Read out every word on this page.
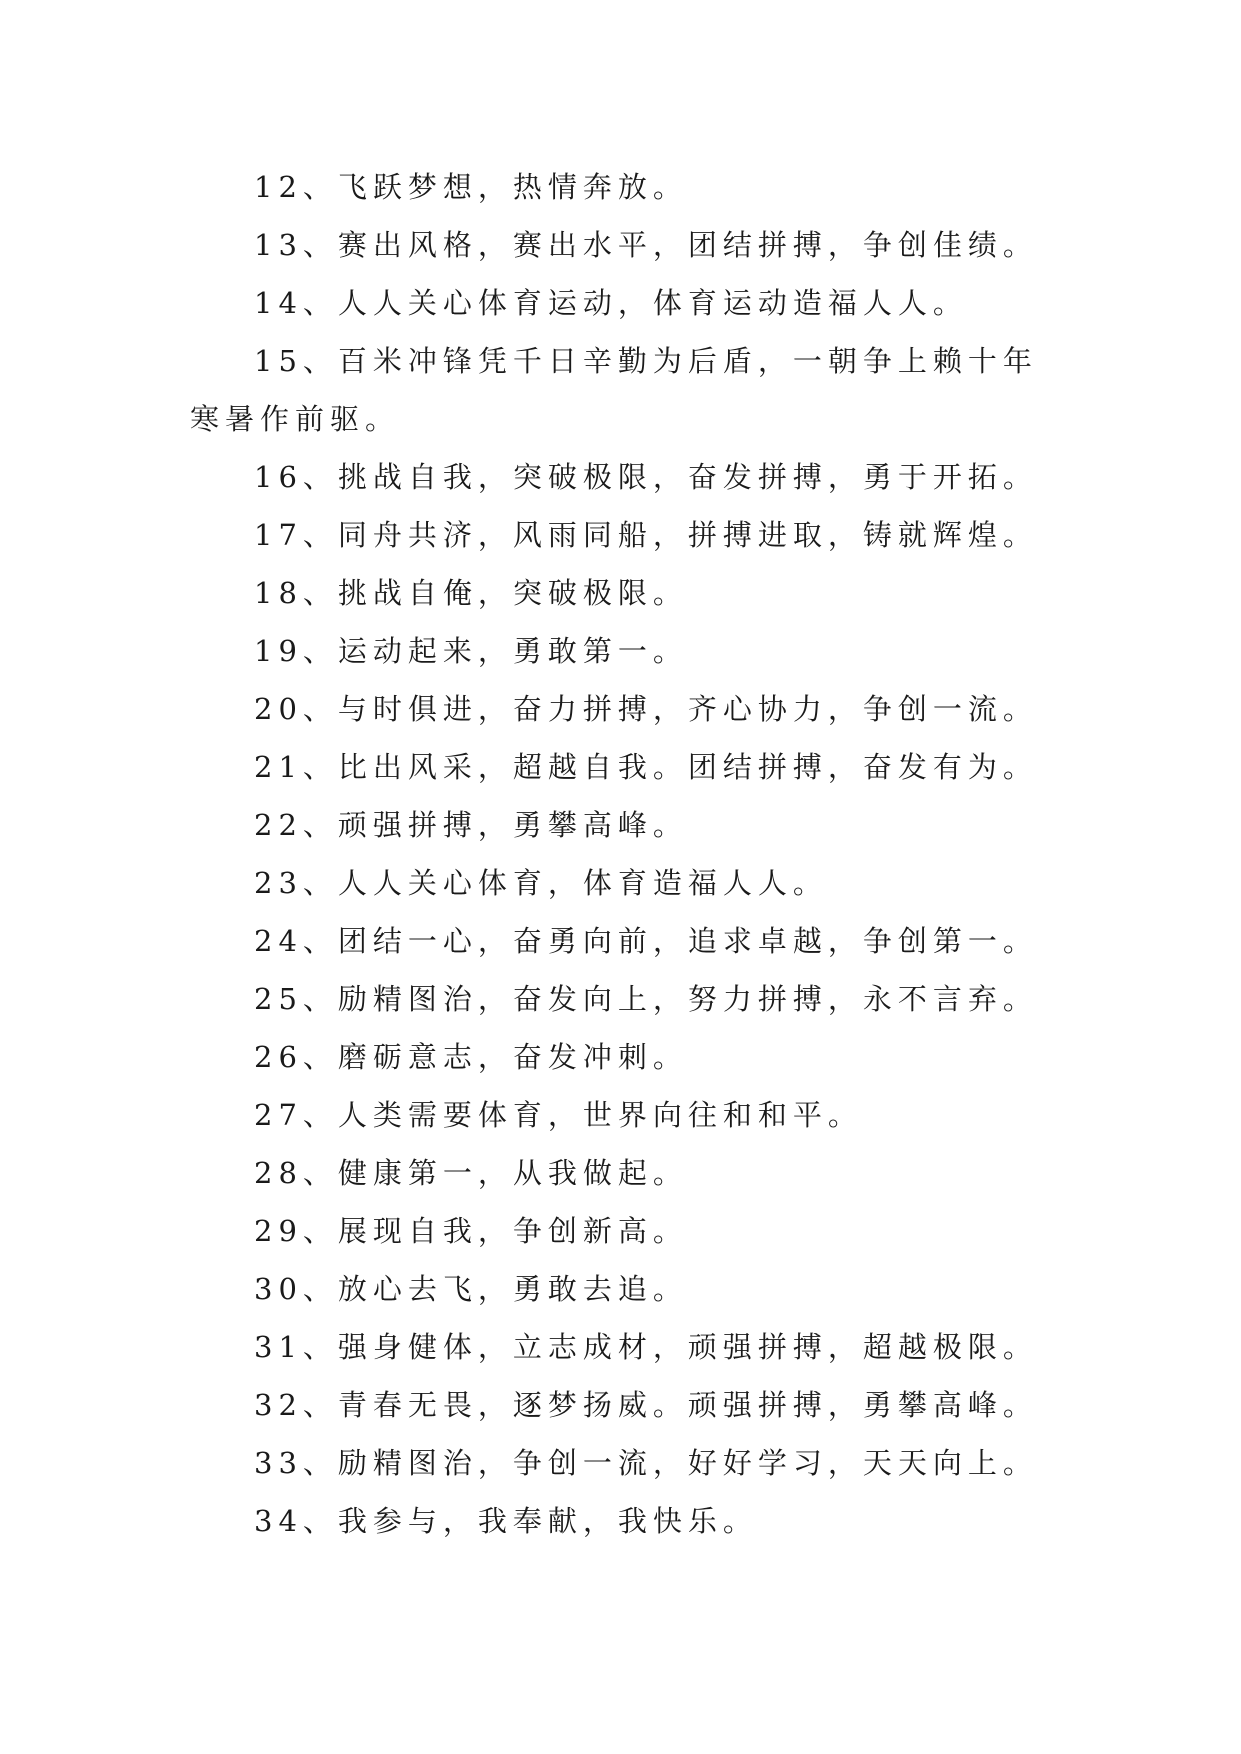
12、飞跃梦想，热情奔放。

13、赛出风格，赛出水平，团结拼搏，争创佳绩。

14、人人关心体育运动，体育运动造福人人。

15、百米冲锋凭千日辛勤为后盾，一朝争上赖十年寒暑作前驱。

16、挑战自我，突破极限，奋发拼搏，勇于开拓。

17、同舟共济，风雨同船，拼搏进取，铸就辉煌。

18、挑战自俺，突破极限。

19、运动起来，勇敢第一。

20、与时俱进，奋力拼搏，齐心协力，争创一流。

21、比出风采，超越自我。团结拼搏，奋发有为。

22、顽强拼搏，勇攀高峰。

23、人人关心体育，体育造福人人。

24、团结一心，奋勇向前，追求卓越，争创第一。

25、励精图治，奋发向上，努力拼搏，永不言弃。

26、磨砺意志，奋发冲刺。

27、人类需要体育，世界向往和和平。

28、健康第一，从我做起。

29、展现自我，争创新高。

30、放心去飞，勇敢去追。

31、强身健体，立志成材，顽强拼搏，超越极限。

32、青春无畏，逐梦扬威。顽强拼搏，勇攀高峰。

33、励精图治，争创一流，好好学习，天天向上。

34、我参与，我奉献，我快乐。
